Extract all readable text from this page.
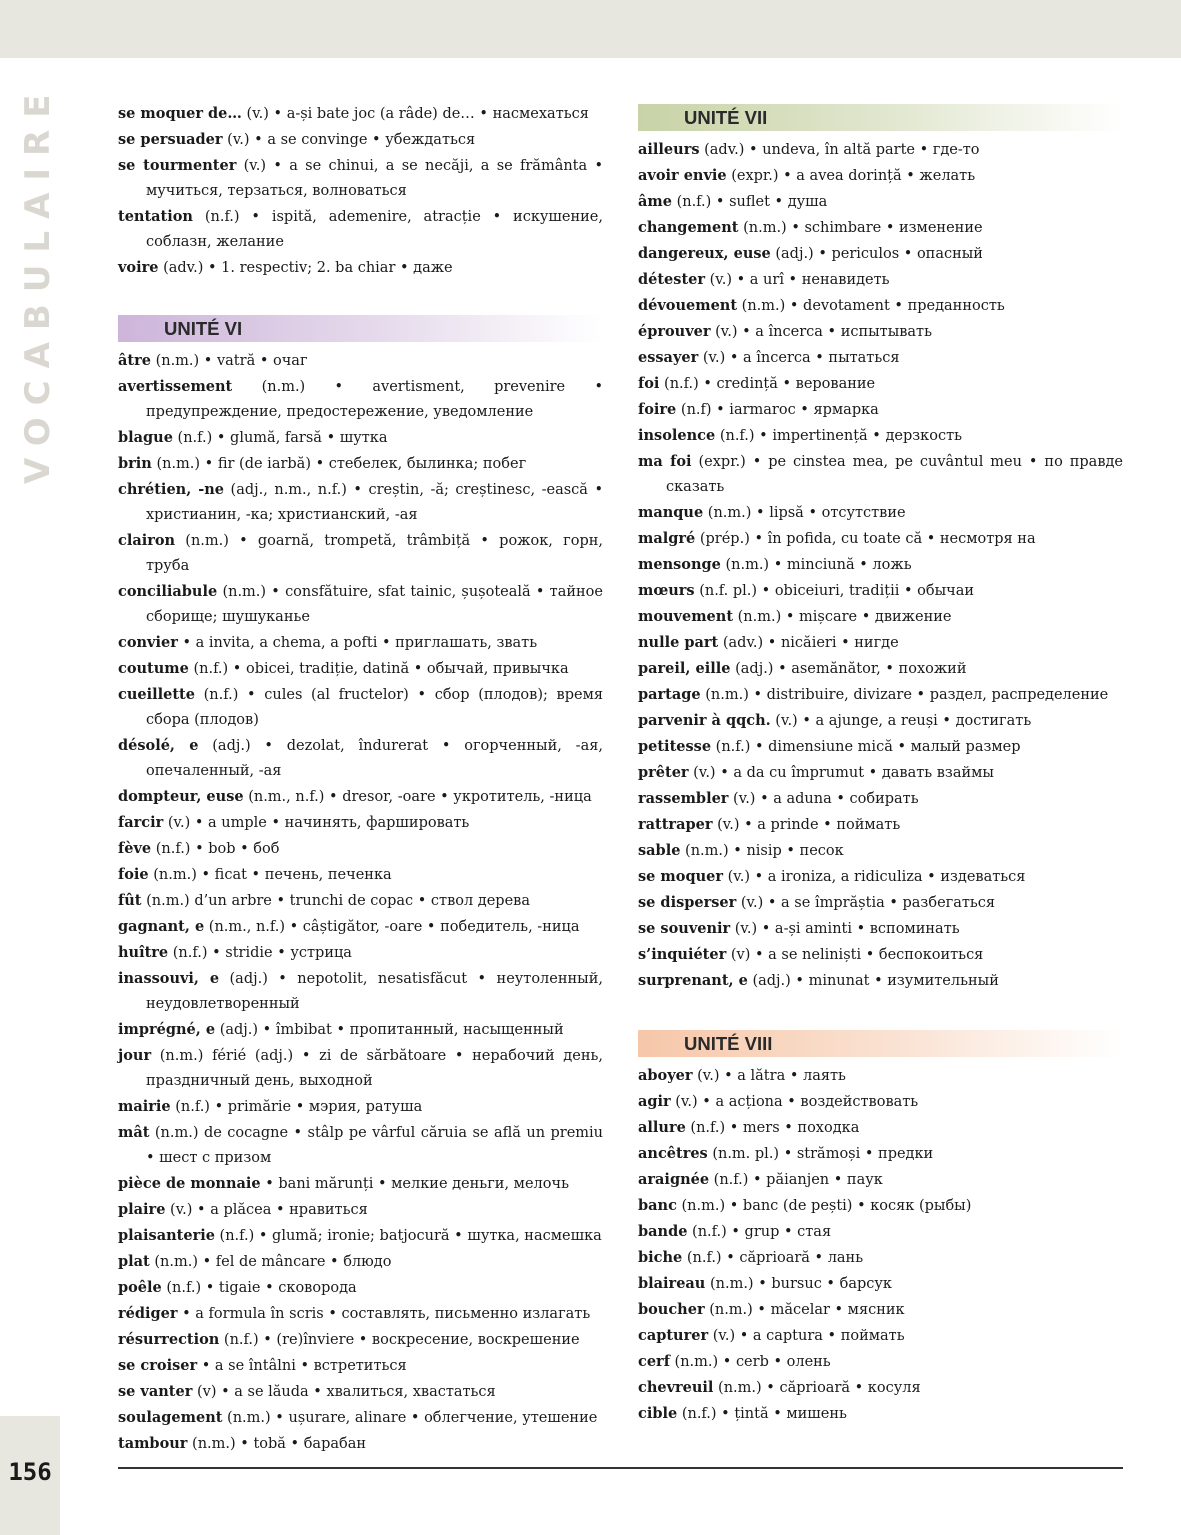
VOCABULAIRE	se moquer de… (v.) • a-și bate joc (a râde) de… • насмехаться
se persuader (v.) • a se convinge • убеждаться
se tourmenter (v.) • a se chinui, a se necăji, a se frământa • мучиться, терзаться, волноваться
tentation (n.f.) • ispită, ademenire, atracție • искушение, соблазн, желание
voire (adv.) • 1. respectiv; 2. ba chiar • даже
UNITÉ VI
âtre (n.m.) • vatră • очаг
avertissement (n.m.) • avertisment, prevenire • предупреждение, предостережение, уведомление
blague (n.f.) • glumă, farsă • шутка
brin (n.m.) • fir (de iarbă) • стебелек, былинка; побег
chrétien, -ne (adj., n.m., n.f.) • creștin, -ă; creștinesc, -ească • христианин, -ка; христианский, -ая
clairon (n.m.) • goarnă, trompetă, trâmbiță • рожок, горн, труба
conciliabule (n.m.) • consfătuire, sfat tainic, șușoteală • тайное сборище; шушуканье
convier • a invita, a chema, a pofti • приглашать, звать
coutume (n.f.) • obicei, tradiție, datină • обычай, привычка
cueillette (n.f.) • cules (al fructelor) • сбор (плодов); время сбора (плодов)
désolé, e (adj.) • dezolat, îndurerat • огорченный, -ая, опечаленный, -ая
dompteur, euse (n.m., n.f.) • dresor, -oare • укротитель, -ница
farcir (v.) • a umple • начинять, фаршировать
fève (n.f.) • bob • боб
foie (n.m.) • ficat • печень, печенка
fût (n.m.) d’un arbre • trunchi de copac • ствол дерева
gagnant, e (n.m., n.f.) • câștigător, -oare • победитель, -ница
huître (n.f.) • stridie • устрица
inassouvi, e (adj.) • nepotolit, nesatisfăcut • неутоленный, неудовлетворенный
imprégné, e (adj.) • îmbibat • пропитанный, насыщенный
jour (n.m.) férié (adj.) • zi de sărbătoare • нерабочий день, праздничный день, выходной
mairie (n.f.) • primărie • мэрия, ратуша
mât (n.m.) de cocagne • stâlp pe vârful căruia se află un premiu • шест с призом
pièce de monnaie • bani mărunți • мелкие деньги, мелочь
plaire (v.) • a plăcea • нравиться
plaisanterie (n.f.) • glumă; ironie; batjocură • шутка, насмешка
plat (n.m.) • fel de mâncare • блюдо
poêle (n.f.) • tigaie • сковорода
rédiger • a formula în scris • составлять, письменно излагать
résurrection (n.f.) • (re)înviere • воскресение, воскрешение
se croiser • a se întâlni • встретиться
se vanter (v) • a se lăuda • хвалиться, хвастаться
soulagement (n.m.) • ușurare, alinare • облегчение, утешение
tambour (n.m.) • tobă • барабан
UNITÉ VII
ailleurs (adv.) • undeva, în altă parte • где-то
avoir envie (expr.) • a avea dorință • желать
âme (n.f.) • suflet • душа
changement (n.m.) • schimbare • изменение
dangereux, euse (adj.) • periculos • опасный
détester (v.) • a urî • ненавидеть
dévouement (n.m.) • devotament • преданность
éprouver (v.) • a încerca • испытывать
essayer (v.) • a încerca • пытаться
foi (n.f.) • credință • верование
foire (n.f) • iarmaroc • ярмарка
insolence (n.f.) • impertinență • дерзкость
ma foi (expr.) • pe cinstea mea, pe cuvântul meu • по правде сказать
manque (n.m.) • lipsă • отсутствие
malgré (prép.) • în pofida, cu toate că • несмотря на
mensonge (n.m.) • minciună • ложь
mœurs (n.f. pl.) • obiceiuri, tradiții • обычаи
mouvement (n.m.) • mișcare • движение
nulle part (adv.) • nicăieri • нигде
pareil, eille (adj.) • asemănător, • похожий
partage (n.m.) • distribuire, divizare • раздел, распределение
parvenir à qqch. (v.) • a ajunge, a reuși • достигать
petitesse (n.f.) • dimensiune mică • малый размер
prêter (v.) • a da cu împrumut • давать взаймы
rassembler (v.) • a aduna • собирать
rattraper (v.) • a prinde • поймать
sable (n.m.) • nisip • песок
se moquer (v.) • a ironiza, a ridiculiza • издеваться
se disperser (v.) • a se împrăștia • разбегаться
se souvenir (v.) • a-și aminti • вспоминать
s’inquiéter (v) • a se neliniști • беспокоиться
surprenant, e (adj.) • minunat • изумительный
UNITÉ VIII
aboyer (v.) • a lătra • лаять
agir (v.) • a acționa • воздействовать
allure (n.f.) • mers • походка
ancêtres (n.m. pl.) • strămoși • предки
araignée (n.f.) • păianjen • паук
banc (n.m.) • banc (de pești) • косяк (рыбы)
bande (n.f.) • grup • стая
biche (n.f.) • căprioară • лань
blaireau (n.m.) • bursuc • барсук
boucher (n.m.) • măcelar • мясник
capturer (v.) • a captura • поймать
cerf (n.m.) • cerb • олень
chevreuil (n.m.) • căprioară • косуля
cible (n.f.) • țintă • мишень
156
